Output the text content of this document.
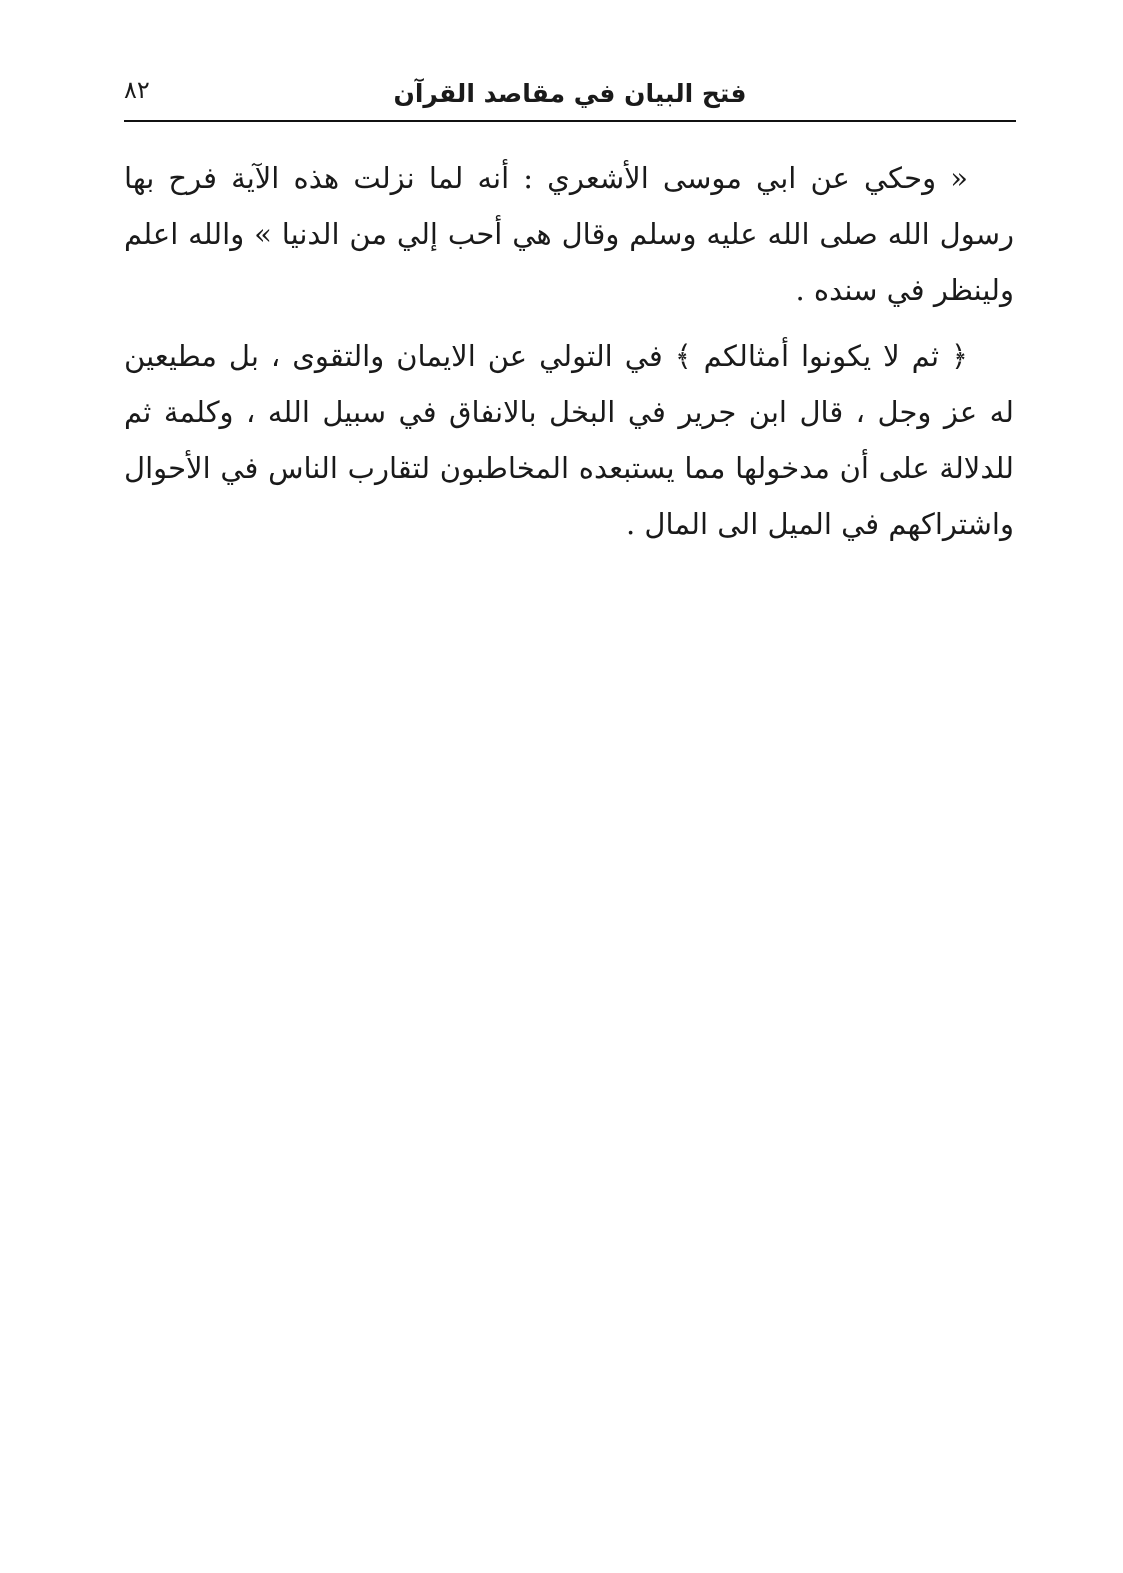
فتح البيان في مقاصد القرآن
٨٢
« وحكي عن ابي موسى الأشعري : أنه لما نزلت هذه الآية فرح بها
رسول الله صلى الله عليه وسلم وقال هي أحب إلي من الدنيا » والله اعلم
ولينظر في سنده .
﴿ ثم لا يكونوا أمثالكم ﴾ في التولي عن الايمان والتقوى ، بل مطيعين
له عز وجل ، قال ابن جرير في البخل بالانفاق في سبيل الله ، وكلمة ثم
للدلالة على أن مدخولها مما يستبعده المخاطبون لتقارب الناس في الأحوال
واشتراكهم في الميل الى المال .
